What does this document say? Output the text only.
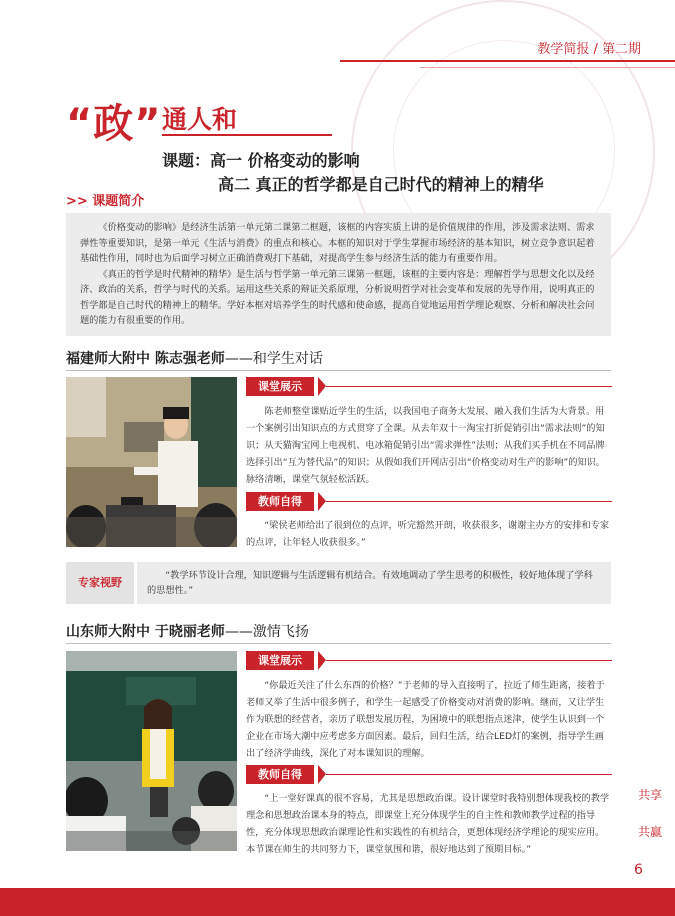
教学简报 / 第二期
“政” 通人和
课题：高一 价格变动的影响
高二 真正的哲学都是自己时代的精神上的精华
>> 课题简介

《价格变动的影响》是经济生活第一单元第二课第二框题，该框的内容实质上讲的是价值规律的作用，涉及需求法则、需求弹性等重要知识，是第一单元《生活与消费》的重点和核心。本框的知识对于学生掌握市场经济的基本知识，树立竞争意识起着基础性作用，同时也为后面学习树立正确消费观打下基础，对提高学生参与经济生活的能力有重要作用。

《真正的哲学是时代精神的精华》是生活与哲学第一单元第三课第一框题，该框的主要内容是：理解哲学与思想文化以及经济、政治的关系，哲学与时代的关系。运用这些关系的辩证关系原理，分析说明哲学对社会变革和发展的先导作用，说明真正的哲学都是自己时代的精神上的精华。学好本框对培养学生的时代感和使命感，提高自觉地运用哲学理论观察、分析和解决社会问题的能力有很重要的作用。

福建师大附中 陈志强老师——和学生对话
课堂展示

陈老师整堂课贴近学生的生活，以我国电子商务大发展、融入我们生活为大背景。用一个案例引出知识点的方式贯穿了全课。从去年双十一淘宝打折促销引出“需求法则”的知识；从天猫淘宝网上电视机、电冰箱促销引出“需求弹性”法则；从我们买手机在不同品牌选择引出“互为替代品”的知识；从假如我们开网店引出“价格变动对生产的影响”的知识。脉络清晰，课堂气氛轻松活跃。

教师自得

“梁侯老师给出了很到位的点评，听完豁然开朗，收获很多，谢谢主办方的安排和专家的点评，让年轻人收获很多。”

专家视野

“教学环节设计合理，知识逻辑与生活逻辑有机结合。有效地调动了学生思考的积极性，较好地体现了学科的思想性。”

山东师大附中 于晓丽老师——激情飞扬
课堂展示

“你最近关注了什么东西的价格？”于老师的导入直接明了，拉近了师生距离，接着于老师又举了生活中很多例子，和学生一起感受了价格变动对消费的影响。继而，又让学生作为联想的经营者，亲历了联想发展历程，为困境中的联想指点迷津，使学生认识到一个企业在市场大潮中应考虑多方面因素。最后，回归生活，结合LED灯的案例，指导学生画出了经济学曲线，深化了对本课知识的理解。

教师自得

“上一堂好课真的很不容易，尤其是思想政治课。设计课堂时我特别想体现我校的教学理念和思想政治课本身的特点，即课堂上充分体现学生的自主性和教师教学过程的指导性，充分体现思想政治课理论性和实践性的有机结合，更想体现经济学理论的现实应用。本节课在师生的共同努力下，课堂氛围和谐，很好地达到了预期目标。”

共享
共赢
6
